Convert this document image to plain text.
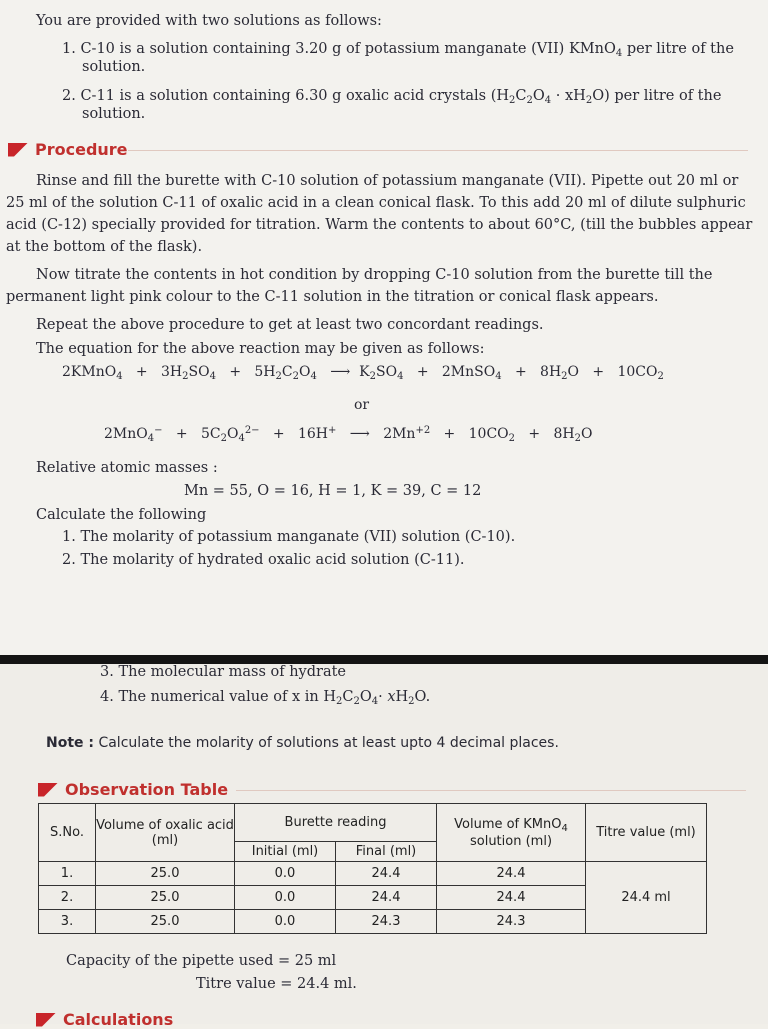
You are provided with two solutions as follows:
1. C-10 is a solution containing 3.20 g of potassium manganate (VII) KMnO$_4$ per litre of the
solution.
2. C-11 is a solution containing 6.30 g oxalic acid crystals $(H_2C_2O_4 \cdot xH_2O)$ per litre of the
solution.
Procedure
Rinse and fill the burette with C-10 solution of potassium manganate (VII). Pipette out 20 ml or
25 ml of the solution C-11 of oxalic acid in a clean conical flask. To this add 20 ml of dilute sulphuric
acid (C-12) specially provided for titration. Warm the contents to about 60°C, (till the bubbles appear
at the bottom of the flask).
Now titrate the contents in hot condition by dropping C-10 solution from the burette till the
permanent light pink colour to the C-11 solution in the titration or conical flask appears.
Repeat the above procedure to get at least two concordant readings.
The equation for the above reaction may be given as follows:
2KMnO$_4$   +   $3H_2SO_4 + 5H_2C_2O_4$   ⟶  $K_2SO_4$   +   2MnSO$_4$   +   $8H_2O + 10CO_2$
or
$2MnO_4^- + 5C_2O_4^{2-} + 16H^+$   ⟶   $2Mn^{+2} + 10CO_2 + 8H_2O$
Relative atomic masses :
Mn = 55, O = 16, H = 1, K = 39, C = 12
Calculate the following
1. The molarity of potassium manganate (VII) solution (C-10).
2. The molarity of hydrated oxalic acid solution (C-11).
3. The molecular mass of hydrate
4. The numerical value of x in $H_2C_2O_4\cdot xH_2O$.
Note : Calculate the molarity of solutions at least upto 4 decimal places.
Observation Table
S.No.	Volume of oxalic acid (ml)	Burette reading		Volume of KMnO$_4$
solution (ml)	Titre value (ml)
		Initial (ml)	Final (ml)		
1.	25.0	0.0	24.4	24.4	24.4 ml
2.	25.0	0.0	24.4	24.4	
3.	25.0	0.0	24.3	24.3	
Capacity of the pipette used = 25 ml
Titre value = 24.4 ml.
Calculations
